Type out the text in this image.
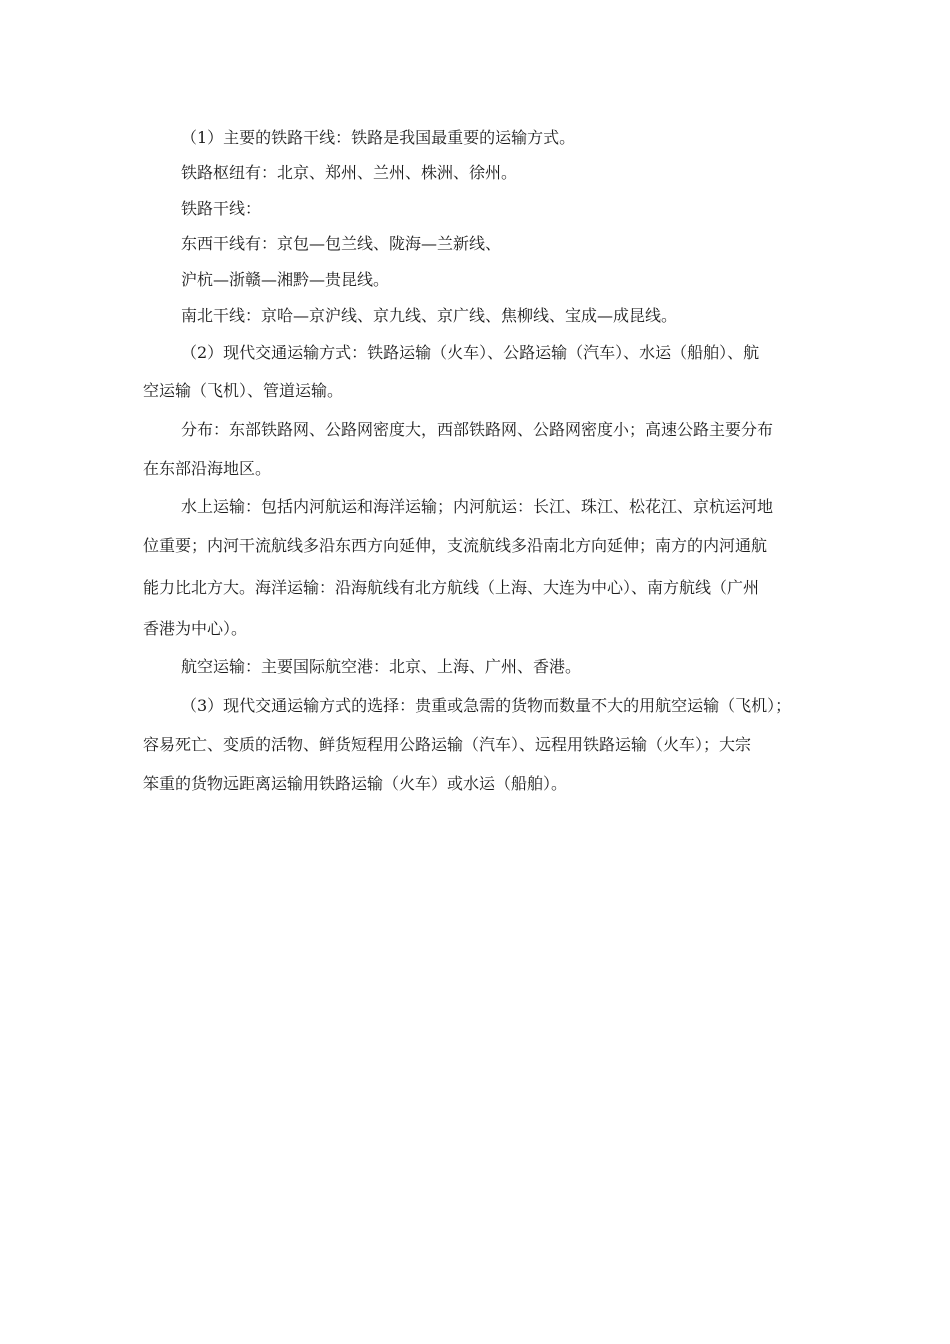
（1）主要的铁路干线：铁路是我国最重要的运输方式。
铁路枢纽有：北京、郑州、兰州、株洲、徐州。
铁路干线：
东西干线有：京包—包兰线、陇海—兰新线、
沪杭—浙赣—湘黔—贵昆线。
南北干线：京哈—京沪线、京九线、京广线、焦柳线、宝成—成昆线。
（2）现代交通运输方式：铁路运输（火车）、公路运输（汽车）、水运（船舶）、航
空运输（飞机）、管道运输。
分布：东部铁路网、公路网密度大，西部铁路网、公路网密度小；高速公路主要分布
在东部沿海地区。
水上运输：包括内河航运和海洋运输；内河航运：长江、珠江、松花江、京杭运河地
位重要；内河干流航线多沿东西方向延伸，支流航线多沿南北方向延伸；南方的内河通航
能力比北方大。海洋运输：沿海航线有北方航线（上海、大连为中心）、南方航线（广州
香港为中心）。
航空运输：主要国际航空港：北京、上海、广州、香港。
（3）现代交通运输方式的选择：贵重或急需的货物而数量不大的用航空运输（飞机）；
容易死亡、变质的活物、鲜货短程用公路运输（汽车）、远程用铁路运输（火车）；大宗
笨重的货物远距离运输用铁路运输（火车）或水运（船舶）。
